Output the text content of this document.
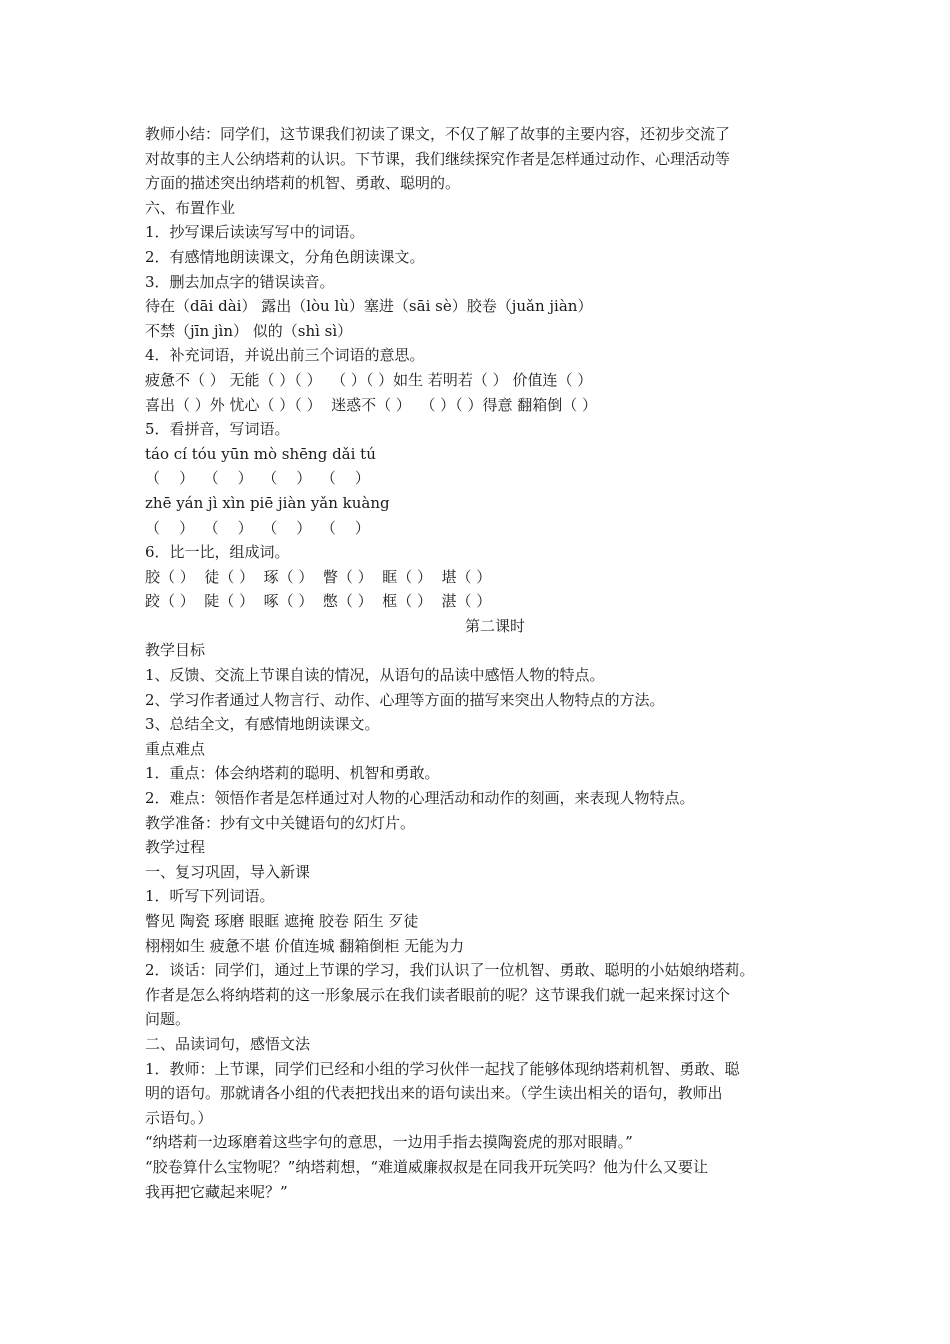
教师小结：同学们，这节课我们初读了课文，不仅了解了故事的主要内容，还初步交流了
对故事的主人公纳塔莉的认识。下节课，我们继续探究作者是怎样通过动作、心理活动等
方面的描述突出纳塔莉的机智、勇敢、聪明的。
六、布置作业
1．抄写课后读读写写中的词语。
2．有感情地朗读课文，分角色朗读课文。
3．删去加点字的错误读音。
待在（dāi dài） 露出（lòu lù）塞进（sāi sè）胶卷（juǎn jiàn）
不禁（jīn jìn） 似的（shì sì）
4．补充词语，并说出前三个词语的意思。
疲惫不（ ） 无能（ ）（ ）  （ ）（ ）如生 若明若（ ） 价值连（ ）
喜出（ ）外 忧心（ ）（ ）  迷惑不（ ）  （ ）（ ）得意 翻箱倒（ ）
5．看拼音，写词语。
táo cí tóu yūn mò shēng dǎi tú
（    ）  （    ）  （    ）  （    ）
zhē yán jì xìn piē jiàn yǎn kuàng
（    ）  （    ）  （    ）  （    ）
6．比一比，组成词。
胶（ ）  徒（ ）  琢（ ）  瞥（ ）  眶（ ）  堪（ ）
跤（ ）  陡（ ）  啄（ ）  憋（ ）  框（ ）  湛（ ）
第二课时
教学目标
1、反馈、交流上节课自读的情况，从语句的品读中感悟人物的特点。
2、学习作者通过人物言行、动作、心理等方面的描写来突出人物特点的方法。
3、总结全文，有感情地朗读课文。
重点难点
1．重点：体会纳塔莉的聪明、机智和勇敢。
2．难点：领悟作者是怎样通过对人物的心理活动和动作的刻画，来表现人物特点。
教学准备：抄有文中关键语句的幻灯片。
教学过程
一、复习巩固，导入新课
1．听写下列词语。
瞥见 陶瓷 琢磨 眼眶 遮掩 胶卷 陌生 歹徒
栩栩如生 疲惫不堪 价值连城 翻箱倒柜 无能为力
2．谈话：同学们，通过上节课的学习，我们认识了一位机智、勇敢、聪明的小姑娘纳塔莉。
作者是怎么将纳塔莉的这一形象展示在我们读者眼前的呢？这节课我们就一起来探讨这个
问题。
二、品读词句，感悟文法
1．教师：上节课，同学们已经和小组的学习伙伴一起找了能够体现纳塔莉机智、勇敢、聪
明的语句。那就请各小组的代表把找出来的语句读出来。（学生读出相关的语句，教师出
示语句。）
“纳塔莉一边琢磨着这些字句的意思，一边用手指去摸陶瓷虎的那对眼睛。”
“胶卷算什么宝物呢？”纳塔莉想，“难道威廉叔叔是在同我开玩笑吗？他为什么又要让
我再把它藏起来呢？”
